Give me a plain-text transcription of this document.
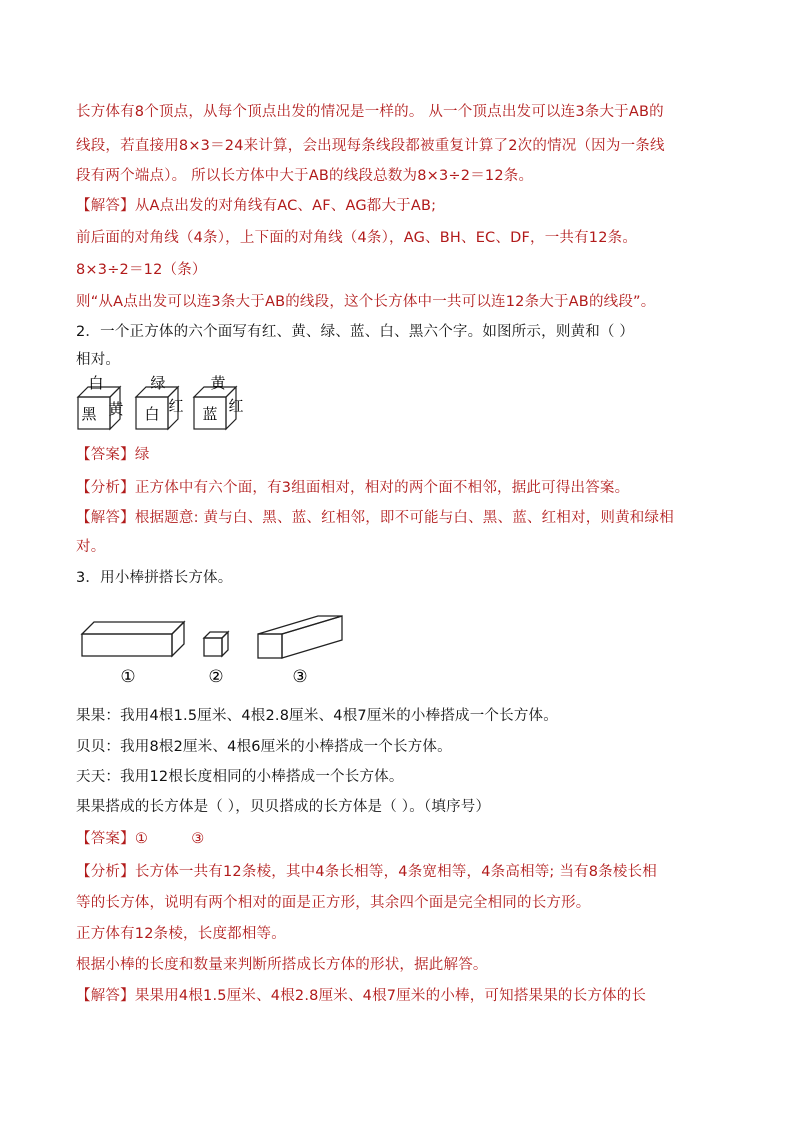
长方体有8个顶点，从每个顶点出发的情况是一样的。 从一个顶点出发可以连3条大于AB的
线段，若直接用8×3＝24来计算，会出现每条线段都被重复计算了2次的情况（因为一条线
段有两个端点）。 所以长方体中大于AB的线段总数为8×3÷2＝12条。
【解答】从A点出发的对角线有AC、AF、AG都大于AB;
前后面的对角线（4条），上下面的对角线（4条），AG、BH、EC、DF，一共有12条。
8×3÷2＝12（条）
则“从A点出发可以连3条大于AB的线段，这个长方体中一共可以连12条大于AB的线段”。
2．一个正方体的六个面写有红、黄、绿、蓝、白、黑六个字。如图所示，则黄和（ ）
相对。
白
黑 黄
绿
白 红
黄
蓝 红
【答案】绿
【分析】正方体中有六个面，有3组面相对，相对的两个面不相邻，据此可得出答案。
【解答】根据题意: 黄与白、黑、蓝、红相邻，即不可能与白、黑、蓝、红相对，则黄和绿相
对。
3．用小棒拼搭长方体。
①	②	③
果果：我用4根1.5厘米、4根2.8厘米、4根7厘米的小棒搭成一个长方体。
贝贝：我用8根2厘米、4根6厘米的小棒搭成一个长方体。
天天：我用12根长度相同的小棒搭成一个长方体。
果果搭成的长方体是（ ），贝贝搭成的长方体是（ ）。（填序号）
【答案】①         ③
【分析】长方体一共有12条棱，其中4条长相等，4条宽相等，4条高相等; 当有8条棱长相
等的长方体，说明有两个相对的面是正方形，其余四个面是完全相同的长方形。
正方体有12条棱，长度都相等。
根据小棒的长度和数量来判断所搭成长方体的形状，据此解答。
【解答】果果用4根1.5厘米、4根2.8厘米、4根7厘米的小棒，可知搭果果的长方体的长
